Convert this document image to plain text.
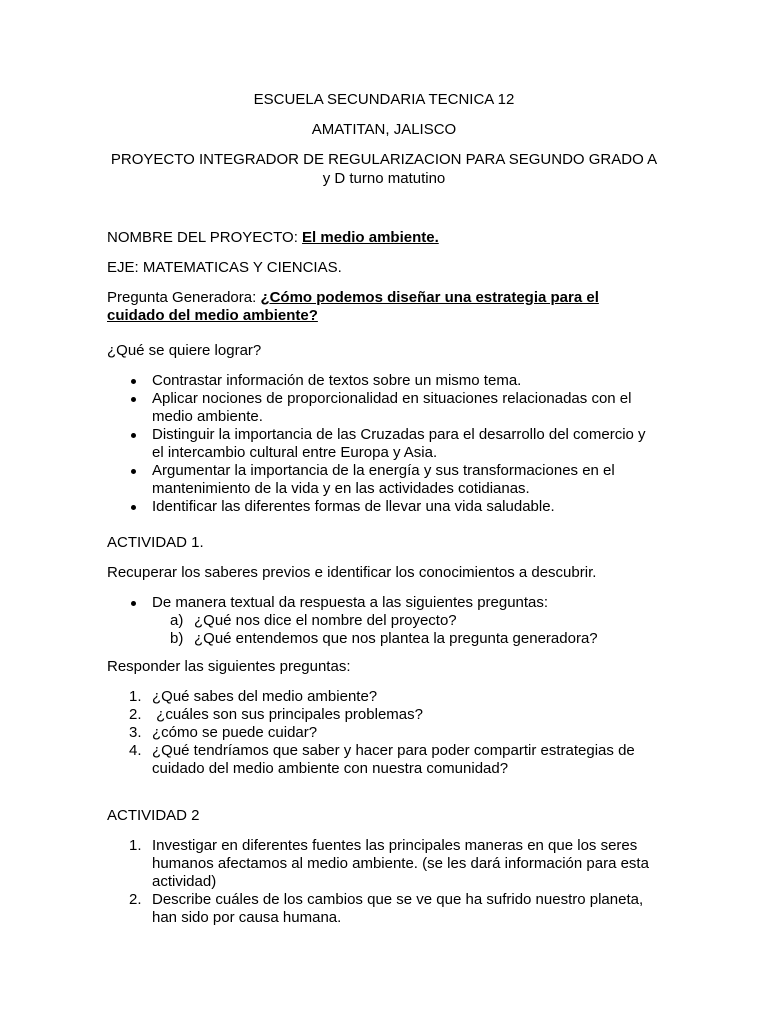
ESCUELA SECUNDARIA TECNICA 12

AMATITAN, JALISCO

PROYECTO INTEGRADOR DE REGULARIZACION PARA SEGUNDO GRADO A

y D turno matutino

NOMBRE DEL PROYECTO: El medio ambiente.

EJE: MATEMATICAS Y CIENCIAS.

Pregunta Generadora: ¿Cómo podemos diseñar una estrategia para el
cuidado del medio ambiente?

¿Qué se quiere lograr?

Contrastar información de textos sobre un mismo tema.
Aplicar nociones de proporcionalidad en situaciones relacionadas con el
medio ambiente.
Distinguir la importancia de las Cruzadas para el desarrollo del comercio y
el intercambio cultural entre Europa y Asia.
Argumentar la importancia de la energía y sus transformaciones en el
mantenimiento de la vida y en las actividades cotidianas.
Identificar las diferentes formas de llevar una vida saludable.

ACTIVIDAD 1.

Recuperar los saberes previos e identificar los conocimientos a descubrir.

De manera textual da respuesta a las siguientes preguntas:
a) ¿Qué nos dice el nombre del proyecto?
b) ¿Qué entendemos que nos plantea la pregunta generadora?

Responder las siguientes preguntas:

1. ¿Qué sabes del medio ambiente?
2. ¿cuáles son sus principales problemas?
3. ¿cómo se puede cuidar?
4. ¿Qué tendríamos que saber y hacer para poder compartir estrategias de
cuidado del medio ambiente con nuestra comunidad?

ACTIVIDAD 2

1. Investigar en diferentes fuentes las principales maneras en que los seres
humanos afectamos al medio ambiente. (se les dará información para esta
actividad)
2. Describe cuáles de los cambios que se ve que ha sufrido nuestro planeta,
han sido por causa humana.
